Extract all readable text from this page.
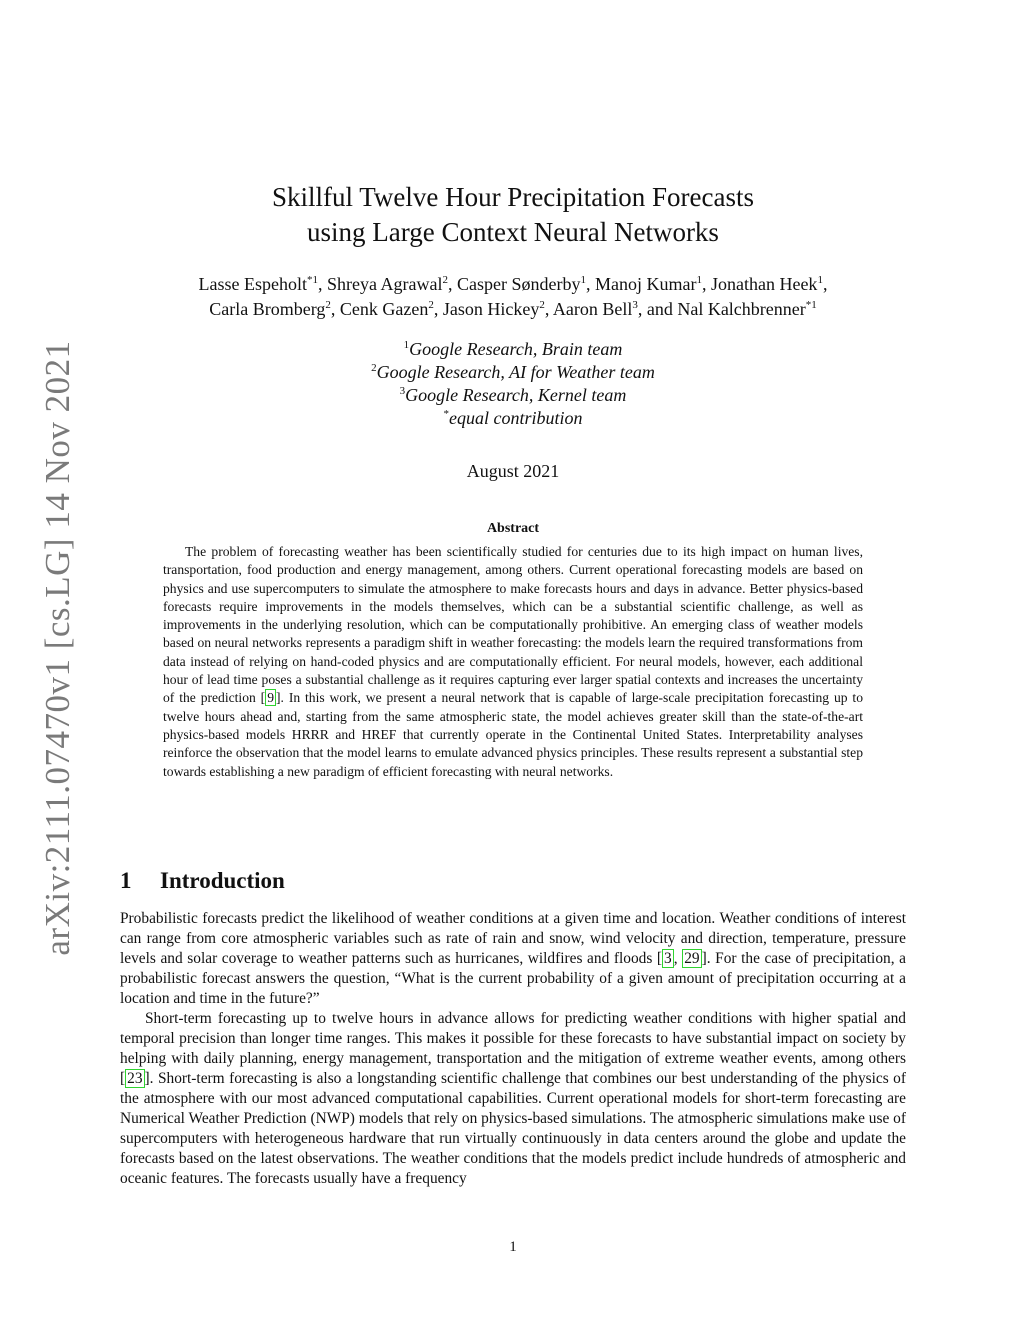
arXiv:2111.07470v1 [cs.LG] 14 Nov 2021
Skillful Twelve Hour Precipitation Forecasts
using Large Context Neural Networks
Lasse Espeholt$^{*1}$, Shreya Agrawal$^2$, Casper Sønderby$^1$, Manoj Kumar$^1$, Jonathan Heek$^1$,
Carla Bromberg$^2$, Cenk Gazen$^2$, Jason Hickey$^2$, Aaron Bell$^3$, and Nal Kalchbrenner$^{*1}$
$^1$Google Research, Brain team
$^2$Google Research, AI for Weather team
$^3$Google Research, Kernel team
*equal contribution
August 2021
Abstract

The problem of forecasting weather has been scientifically studied for centuries due to its high impact on human lives, transportation, food production and energy management, among others. Current operational forecasting models are based on physics and use supercomputers to simulate the atmosphere to make forecasts hours and days in advance. Better physics-based forecasts require improvements in the models themselves, which can be a substantial scientific challenge, as well as improvements in the underlying resolution, which can be computationally prohibitive. An emerging class of weather models based on neural networks represents a paradigm shift in weather forecasting: the models learn the required transformations from data instead of relying on hand-coded physics and are computationally efficient. For neural models, however, each additional hour of lead time poses a substantial challenge as it requires capturing ever larger spatial contexts and increases the uncertainty of the prediction [ 9 ]. In this work, we present a neural network that is capable of large-scale precipitation forecasting up to twelve hours ahead and, starting from the same atmospheric state, the model achieves greater skill than the state-of-the-art physics-based models HRRR and HREF that currently operate in the Continental United States. Interpretability analyses reinforce the observation that the model learns to emulate advanced physics principles. These results represent a substantial step towards establishing a new paradigm of efficient forecasting with neural networks.

1 Introduction

Probabilistic forecasts predict the likelihood of weather conditions at a given time and location. Weather conditions of interest can range from core atmospheric variables such as rate of rain and snow, wind velocity and direction, temperature, pressure levels and solar coverage to weather patterns such as hurricanes, wildfires and floods [ 3 , 29 ]. For the case of precipitation, a probabilistic forecast answers the question, “What is the current probability of a given amount of precipitation occurring at a location and time in the future?”

Short-term forecasting up to twelve hours in advance allows for predicting weather conditions with higher spatial and temporal precision than longer time ranges. This makes it possible for these forecasts to have substantial impact on society by helping with daily planning, energy management, transportation and the mitigation of extreme weather events, among others [ 23 ]. Short-term forecasting is also a longstanding scientific challenge that combines our best understanding of the physics of the atmosphere with our most advanced computational capabilities. Current operational models for short-term forecasting are Numerical Weather Prediction (NWP) models that rely on physics-based simulations. The atmospheric simulations make use of supercomputers with heterogeneous hardware that run virtually continuously in data centers around the globe and update the forecasts based on the latest observations. The weather conditions that the models predict include hundreds of atmospheric and oceanic features. The forecasts usually have a frequency

1
